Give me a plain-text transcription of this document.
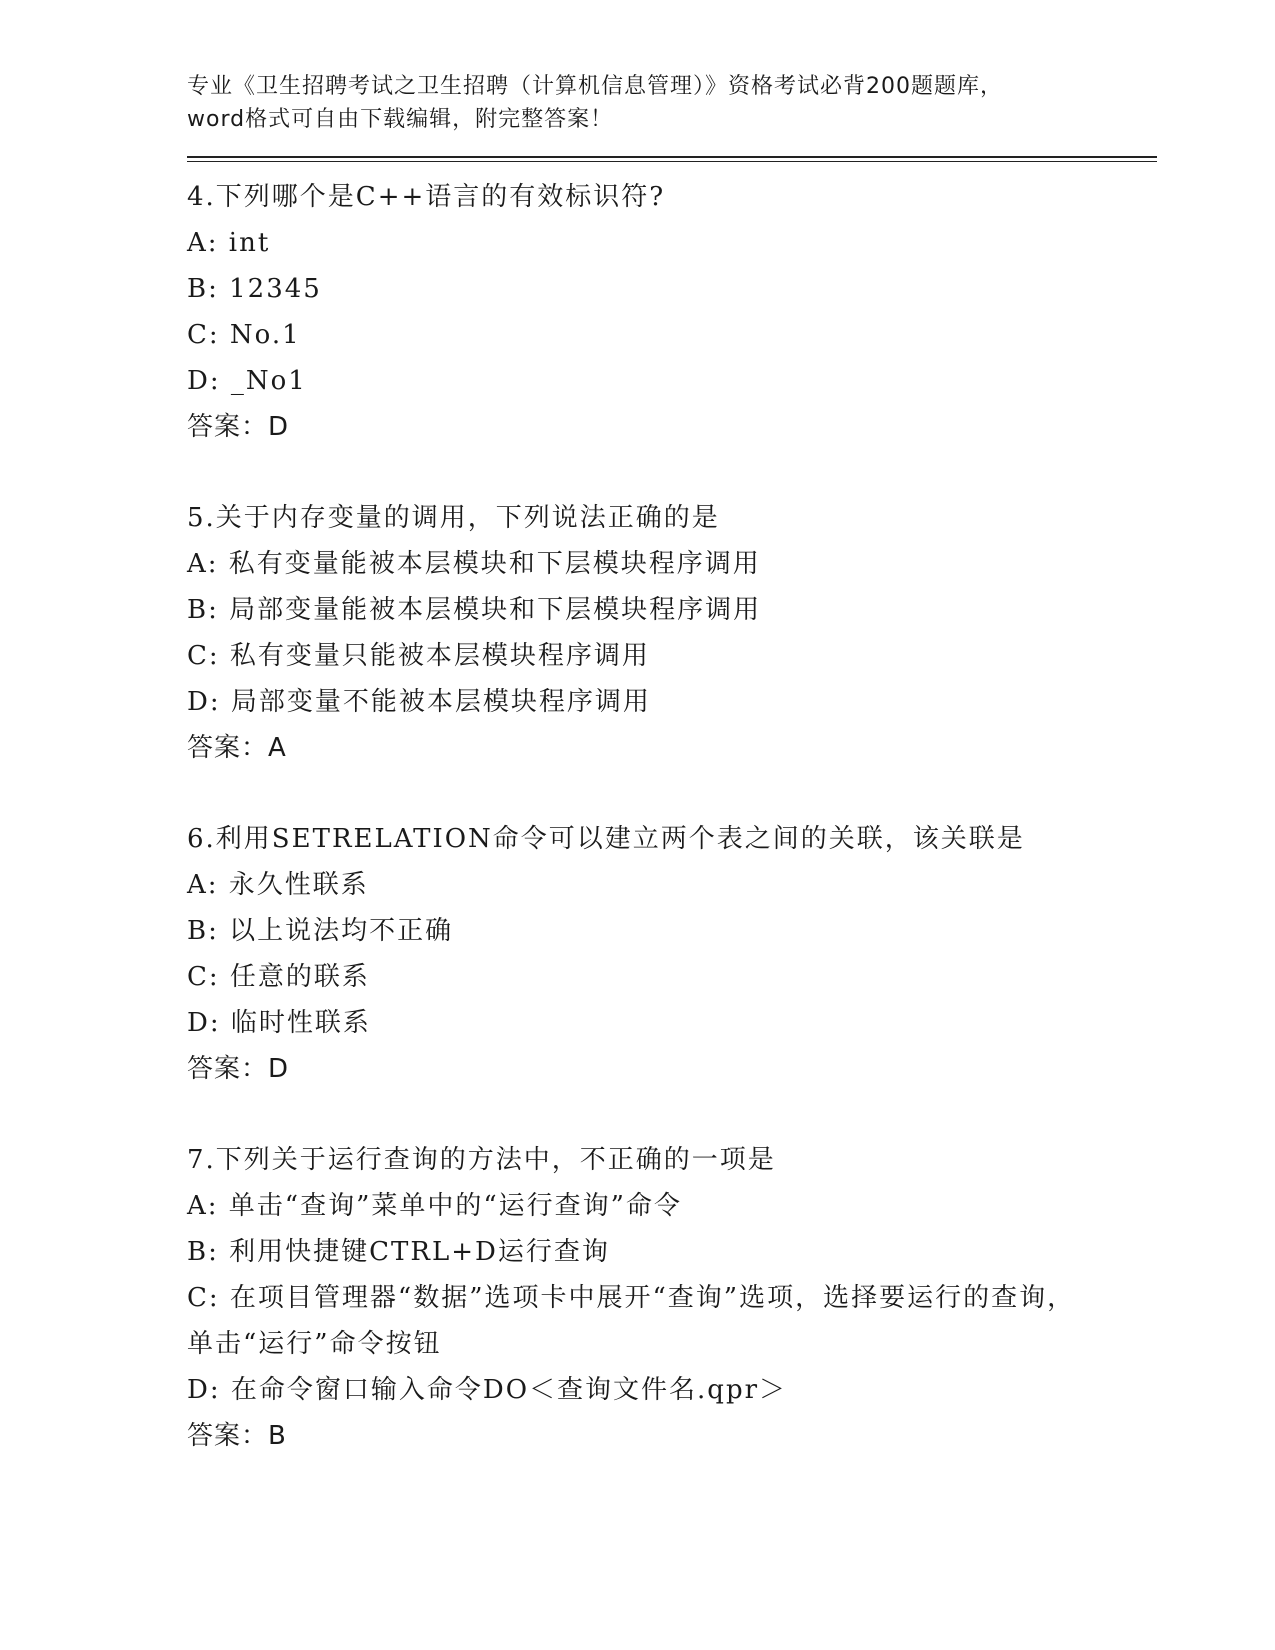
专业《卫生招聘考试之卫生招聘（计算机信息管理）》资格考试必背200题题库，
word格式可自由下载编辑，附完整答案！
4.下列哪个是C++语言的有效标识符?
A: int
B: 12345
C: No.1
D: _No1
答案：D
5.关于内存变量的调用，下列说法正确的是
A: 私有变量能被本层模块和下层模块程序调用
B: 局部变量能被本层模块和下层模块程序调用
C: 私有变量只能被本层模块程序调用
D: 局部变量不能被本层模块程序调用
答案：A
6.利用SETRELATION命令可以建立两个表之间的关联，该关联是
A: 永久性联系
B: 以上说法均不正确
C: 任意的联系
D: 临时性联系
答案：D
7.下列关于运行查询的方法中，不正确的一项是
A: 单击“查询”菜单中的“运行查询”命令
B: 利用快捷键CTRL+D运行查询
C: 在项目管理器“数据”选项卡中展开“查询”选项，选择要运行的查询，单击“运行”命令按钮
D: 在命令窗口输入命令DO＜查询文件名.qpr＞
答案：B
